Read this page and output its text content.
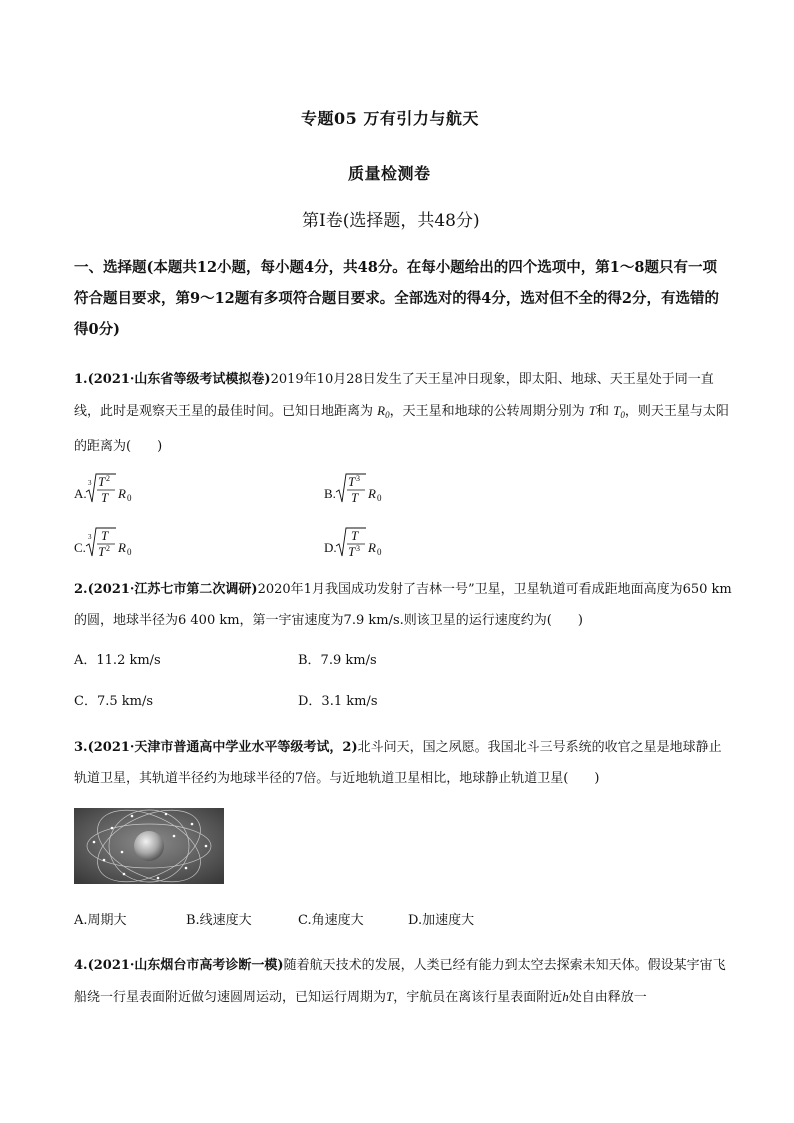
专题05 万有引力与航天
质量检测卷
第Ⅰ卷(选择题，共48分)
一、选择题(本题共12小题，每小题4分，共48分。在每小题给出的四个选项中，第1～8题只有一项符合题目要求，第9～12题有多项符合题目要求。全部选对的得4分，选对但不全的得2分，有选错的得0分)
1.(2021·山东省等级考试模拟卷)2019年10月28日发生了天王星冲日现象，即太阳、地球、天王星处于同一直线，此时是观察天王星的最佳时间。已知日地距离为 $R_0$，天王星和地球的公转周期分别为 T和 $T_0$，则天王星与太阳的距离为(　　)
A.
3 T 2
T R 0	B.
T 3
T R 0
C.
3 T
T 2 R 0	D.
T
T 3 R 0
2.(2021·江苏七市第二次调研)2020年1月我国成功发射了吉林一号”卫星，卫星轨道可看成距地面高度为650 km的圆，地球半径为6 400 km，第一宇宙速度为7.9 km/s.则该卫星的运行速度约为(　　)
A．11.2 km/s	B．7.9 km/s
C．7.5 km/s	D．3.1 km/s
3.(2021·天津市普通高中学业水平等级考试，2)北斗问天，国之夙愿。我国北斗三号系统的收官之星是地球静止轨道卫星，其轨道半径约为地球半径的7倍。与近地轨道卫星相比，地球静止轨道卫星(　　)
A.周期大	B.线速度大	C.角速度大	D.加速度大
4.(2021·山东烟台市高考诊断一模)随着航天技术的发展，人类已经有能力到太空去探索未知天体。假设某宇宙飞船绕一行星表面附近做匀速圆周运动，已知运行周期为T，宇航员在离该行星表面附近h处自由释放一
